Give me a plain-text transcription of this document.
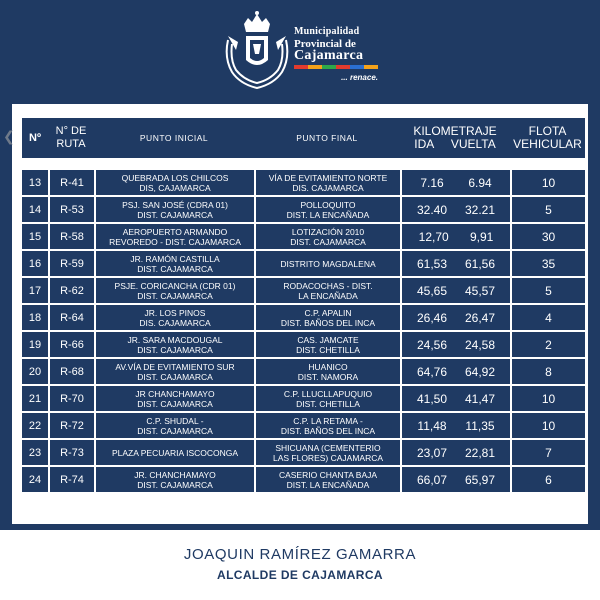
Municipalidad
Provincial de
Cajamarca
... renace.
❮ Nº	N° DE
RUTA	PUNTO INICIAL	PUNTO FINAL	KILOMETRAJE
IDA VUELTA	FLOTA
VEHICULAR

13	R-41	QUEBRADA LOS CHILCOS
DIS, CAJAMARCA	VÍA DE EVITAMIENTO NORTE
DIS. CAJAMARCA	7.16 6.94	10
14	R-53	PSJ. SAN JOSÉ (CDRA 01)
DIST. CAJAMARCA	POLLOQUITO
DIST. LA ENCAÑADA	32.40 32.21	5
15	R-58	AEROPUERTO ARMANDO
REVOREDO - DIST. CAJAMARCA	LOTIZACIÓN 2010
DIST. CAJAMARCA	12,70 9,91	30
16	R-59	JR. RAMÓN CASTILLA
DIST. CAJAMARCA	DISTRITO MAGDALENA	61,53 61,56	35
17	R-62	PSJE. CORICANCHA (CDR 01)
DIST. CAJAMARCA	RODACOCHAS - DIST.
LA ENCAÑADA	45,65 45,57	5
18	R-64	JR. LOS PINOS
DIS. CAJAMARCA	C.P. APALIN
DIST. BAÑOS DEL INCA	26,46 26,47	4
19	R-66	JR. SARA MACDOUGAL
DIST. CAJAMARCA	CAS. JAMCATE
DIST. CHETILLA	24,56 24,58	2
20	R-68	AV.VÍA DE EVITAMIENTO SUR
DIST. CAJAMARCA	HUANICO
DIST. NAMORA	64,76 64,92	8
21	R-70	JR CHANCHAMAYO
DIST. CAJAMARCA	C.P. LLUCLLAPUQUIO
DIST. CHETILLA	41,50 41,47	10
22	R-72	C.P. SHUDAL -
DIST. CAJAMARCA	C.P. LA RETAMA -
DIST. BAÑOS DEL INCA	11,48 11,35	10
23	R-73	PLAZA PECUARIA ISCOCONGA	SHICUANA (CEMENTERIO
LAS FLORES) CAJAMARCA	23,07 22,81	7
24	R-74	JR. CHANCHAMAYO
DIST. CAJAMARCA	CASERIO CHANTA BAJA
DIST. LA ENCAÑADA	66,07 65,97	6
JOAQUIN RAMÍREZ GAMARRA
ALCALDE DE CAJAMARCA
